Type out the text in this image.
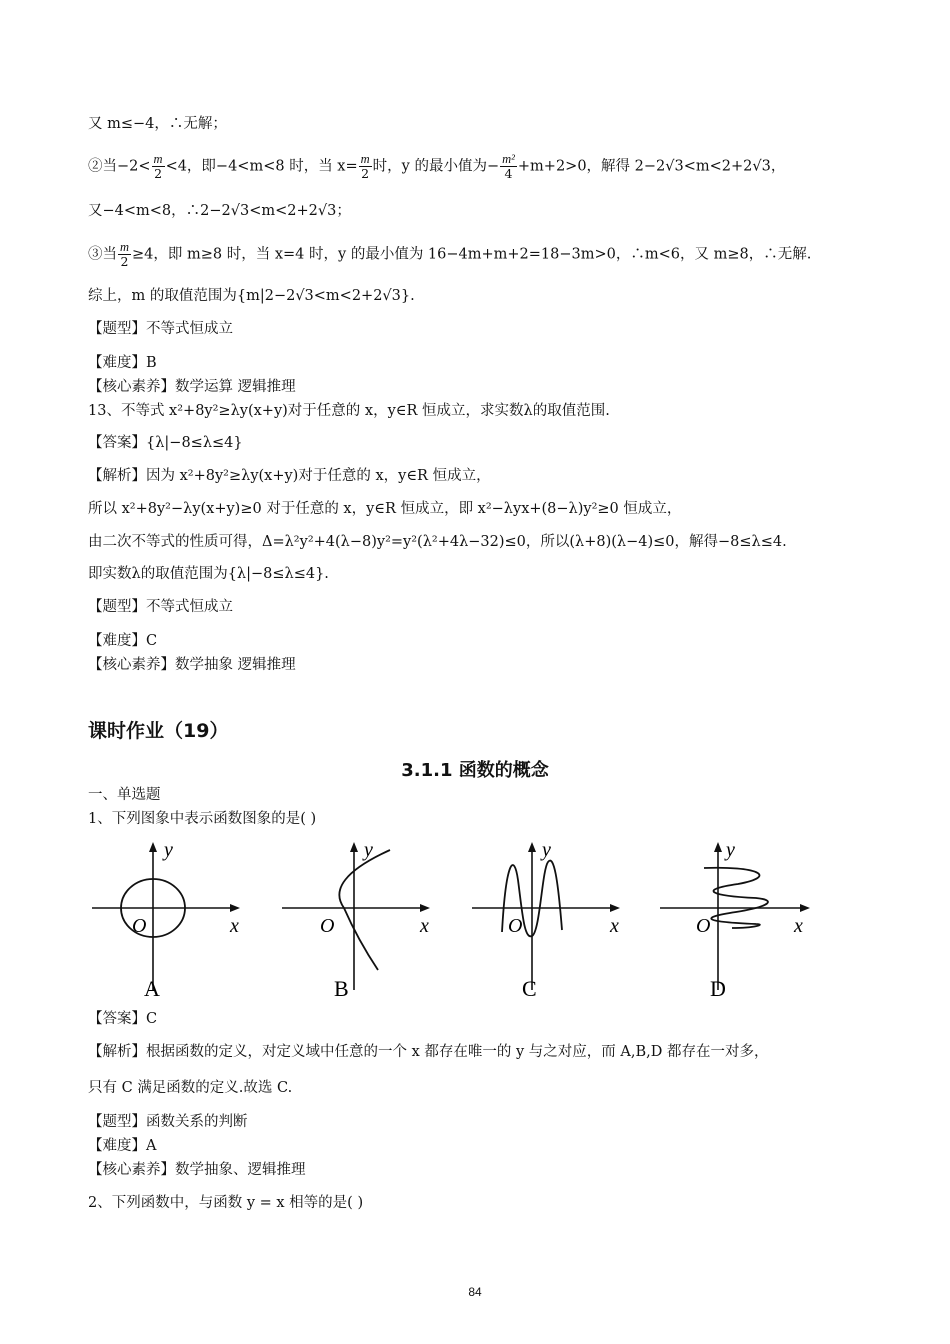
又 m≤−4，∴无解；
②当$-2< \frac{m}{2} <4$，即−4<m<8 时，当 $x= \frac{m}{2}$ 时，y 的最小值为− $\frac{\text{m²}}{4} +m+2>0$，解得 2−2√3<m<2+2√3，
又−4<m<8，∴2−2√3<m<2+2√3；
③当 $\frac{m}{2} \ge 4$，即 m≥8 时，当 x=4 时，y 的最小值为 16−4m+m+2=18−3m>0，∴m<6，又 m≥8，∴无解.
综上，m 的取值范围为{m|2−2√3<m<2+2√3}.
【题型】不等式恒成立
【难度】B
【核心素养】数学运算 逻辑推理
13、不等式 x²+8y²≥λy(x+y)对于任意的 x，y∈R 恒成立，求实数λ的取值范围.
【答案】{λ|−8≤λ≤4}
【解析】因为 x²+8y²≥λy(x+y)对于任意的 x，y∈R 恒成立，
所以 x²+8y²−λy(x+y)≥0 对于任意的 x，y∈R 恒成立，即 x²−λyx+(8−λ)y²≥0 恒成立，
由二次不等式的性质可得，Δ=λ²y²+4(λ−8)y²=y²(λ²+4λ−32)≤0，所以(λ+8)(λ−4)≤0，解得−8≤λ≤4.
即实数λ的取值范围为{λ|−8≤λ≤4}.
【题型】不等式恒成立
【难度】C
【核心素养】数学抽象 逻辑推理
课时作业（19）
3.1.1 函数的概念
一、单选题
1、下列图象中表示函数图象的是( )
y
x
O
A
y
x
O
B
y
x
O
C
y
x
O
D
【答案】C
【解析】根据函数的定义，对定义域中任意的一个 x 都存在唯一的 y 与之对应，而 A,B,D 都存在一对多，
只有 C 满足函数的定义.故选 C.
【题型】函数关系的判断
【难度】A
【核心素养】数学抽象、逻辑推理
2、下列函数中，与函数 y = x 相等的是( )
84
